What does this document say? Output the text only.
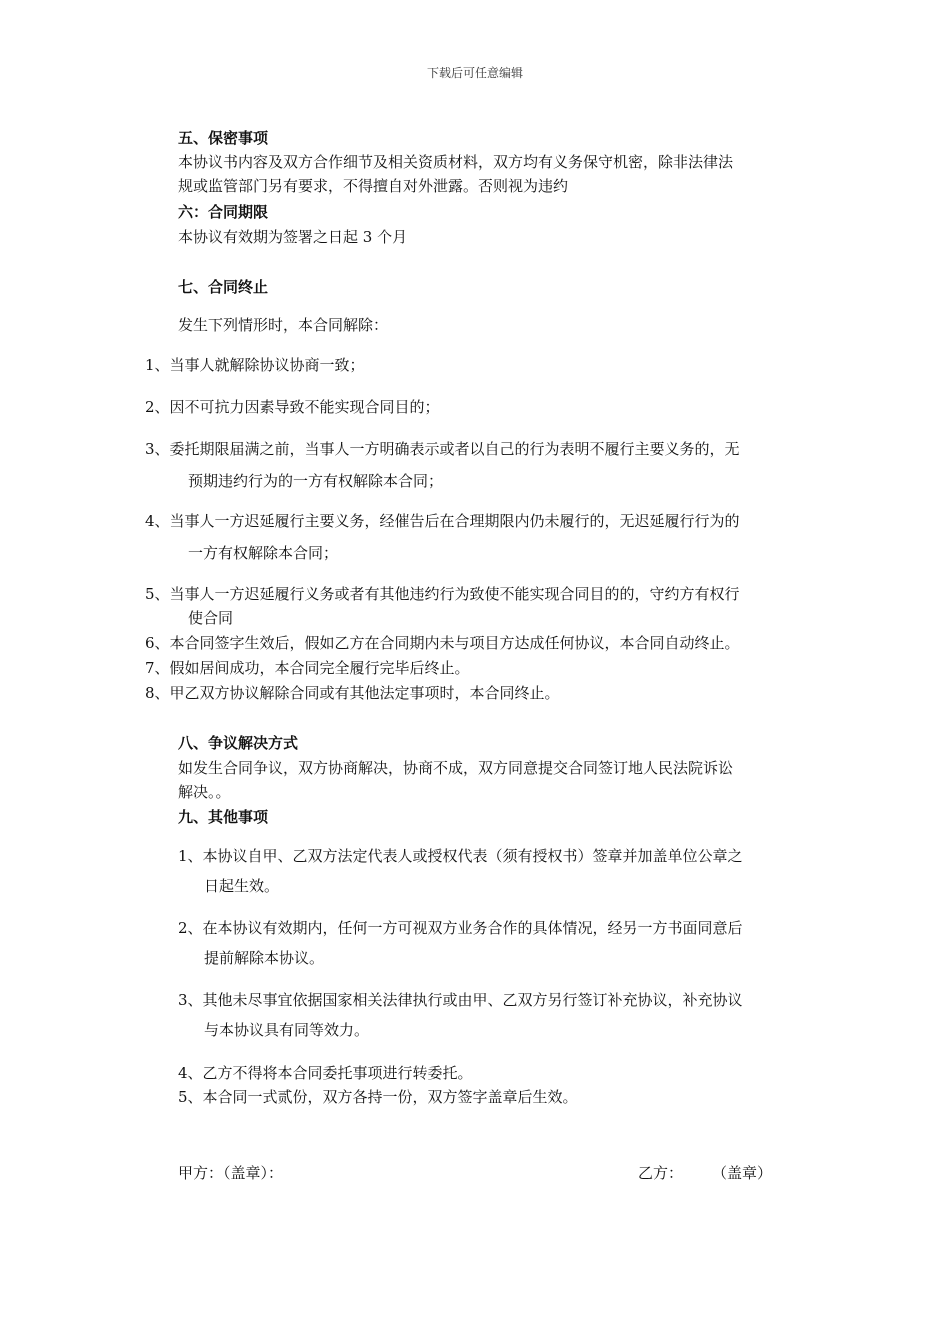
下载后可任意编辑
五、保密事项
本协议书内容及双方合作细节及相关资质材料，双方均有义务保守机密，除非法律法
规或监管部门另有要求，不得擅自对外泄露。否则视为违约
六：合同期限
本协议有效期为签署之日起 3 个月
七、合同终止
发生下列情形时，本合同解除：
1、当事人就解除协议协商一致；
2、因不可抗力因素导致不能实现合同目的；
3、委托期限届满之前，当事人一方明确表示或者以自己的行为表明不履行主要义务的，无
预期违约行为的一方有权解除本合同；
4、当事人一方迟延履行主要义务，经催告后在合理期限内仍未履行的，无迟延履行行为的
一方有权解除本合同；
5、当事人一方迟延履行义务或者有其他违约行为致使不能实现合同目的的，守约方有权行
使合同
6、本合同签字生效后，假如乙方在合同期内未与项目方达成任何协议，本合同自动终止。
7、假如居间成功，本合同完全履行完毕后终止。
8、甲乙双方协议解除合同或有其他法定事项时，本合同终止。
八、争议解决方式
如发生合同争议，双方协商解决，协商不成，双方同意提交合同签订地人民法院诉讼
解决。。
九、其他事项
1、本协议自甲、乙双方法定代表人或授权代表（须有授权书）签章并加盖单位公章之
日起生效。
2、在本协议有效期内，任何一方可视双方业务合作的具体情况，经另一方书面同意后
提前解除本协议。
3、其他未尽事宜依据国家相关法律执行或由甲、乙双方另行签订补充协议，补充协议
与本协议具有同等效力。
4、乙方不得将本合同委托事项进行转委托。
5、本合同一式贰份，双方各持一份，双方签字盖章后生效。
甲方：（盖章）：	乙方： （盖章）
